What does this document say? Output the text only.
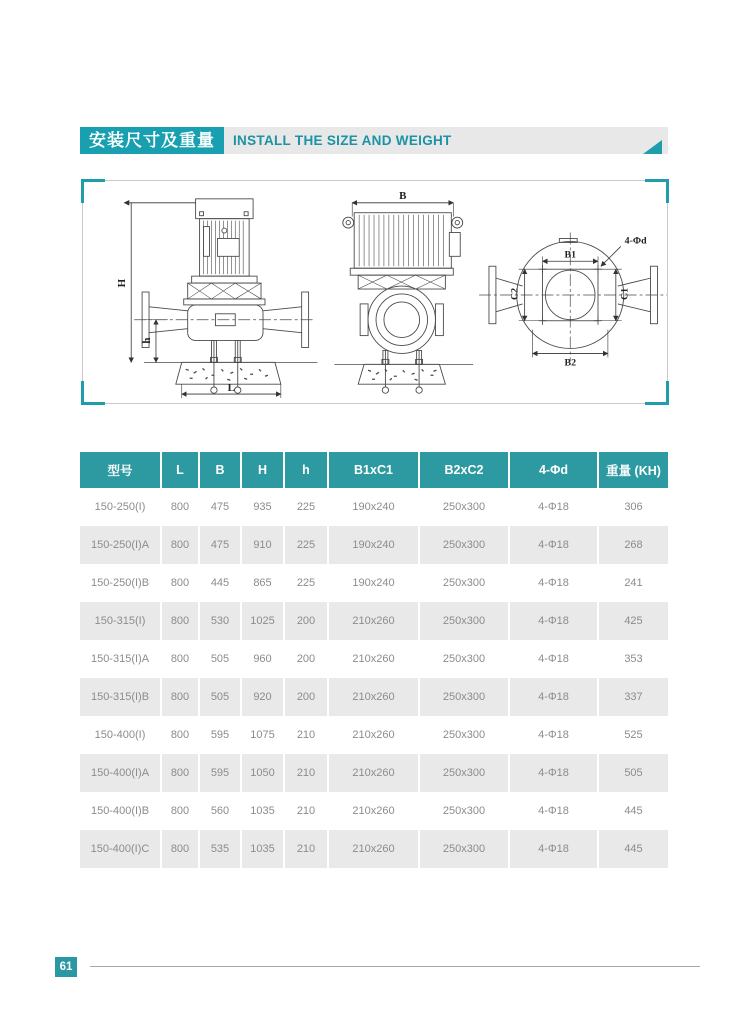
安装尺寸及重量	INSTALL THE SIZE AND WEIGHT
H
h
L
B
B1
B2
C1
C2
4-Φd
型号	L	B	H	h	B1xC1	B2xC2	4-Φd	重量 (KH)
150-250(I)	800	475	935	225	190x240	250x300	4-Φ18	306
150-250(I)A	800	475	910	225	190x240	250x300	4-Φ18	268
150-250(I)B	800	445	865	225	190x240	250x300	4-Φ18	241
150-315(I)	800	530	1025	200	210x260	250x300	4-Φ18	425
150-315(I)A	800	505	960	200	210x260	250x300	4-Φ18	353
150-315(I)B	800	505	920	200	210x260	250x300	4-Φ18	337
150-400(I)	800	595	1075	210	210x260	250x300	4-Φ18	525
150-400(I)A	800	595	1050	210	210x260	250x300	4-Φ18	505
150-400(I)B	800	560	1035	210	210x260	250x300	4-Φ18	445
150-400(I)C	800	535	1035	210	210x260	250x300	4-Φ18	445
61
